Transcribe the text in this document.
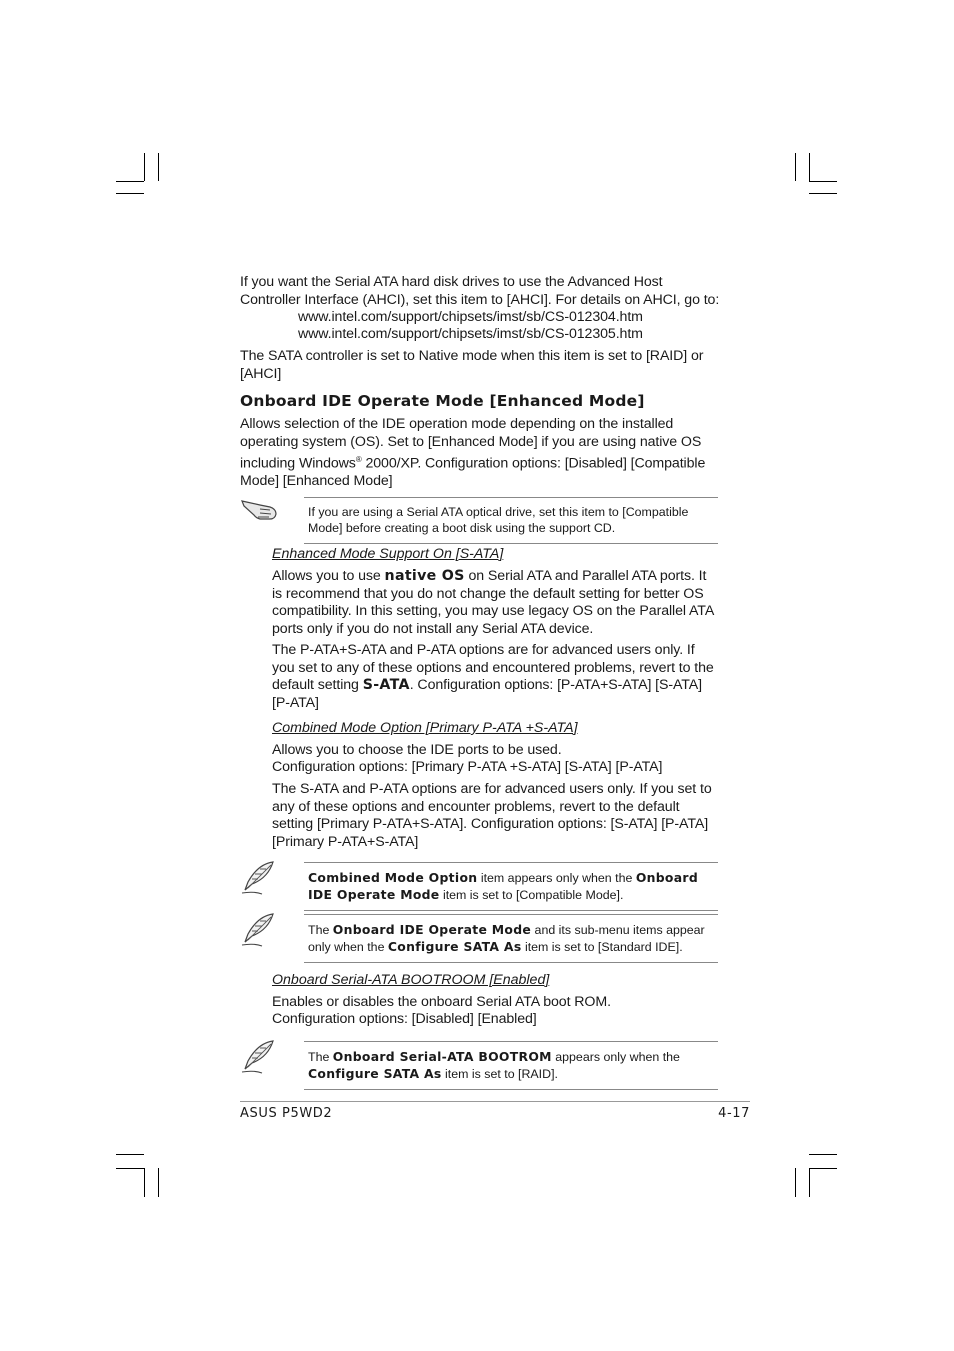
If you want the Serial ATA hard disk drives to use the Advanced Host Controller Interface (AHCI), set this item to [AHCI]. For details on AHCI, go to:

www.intel.com/support/chipsets/imst/sb/CS-012304.htm

www.intel.com/support/chipsets/imst/sb/CS-012305.htm

The SATA controller is set to Native mode when this item is set to [RAID] or [AHCI]

Onboard IDE Operate Mode [Enhanced Mode]

Allows selection of the IDE operation mode depending on the installed operating system (OS). Set to [Enhanced Mode] if you are using native OS including Windows® 2000/XP. Configuration options: [Disabled] [Compatible Mode] [Enhanced Mode]

If you are using a Serial ATA optical drive, set this item to [Compatible Mode] before creating a boot disk using the support CD.

Enhanced Mode Support On [S-ATA]

Allows you to use native OS on Serial ATA and Parallel ATA ports. It is recommend that you do not change the default setting for better OS compatibility. In this setting, you may use legacy OS on the Parallel ATA ports only if you do not install any Serial ATA device.

The P-ATA+S-ATA and P-ATA options are for advanced users only. If you set to any of these options and encountered problems, revert to the default setting S-ATA. Configuration options: [P-ATA+S-ATA] [S-ATA] [P-ATA]

Combined Mode Option [Primary P-ATA +S-ATA]

Allows you to choose the IDE ports to be used.

Configuration options: [Primary P-ATA +S-ATA] [S-ATA] [P-ATA]

The S-ATA and P-ATA options are for advanced users only. If you set to any of these options and encounter problems, revert to the default setting [Primary P-ATA+S-ATA]. Configuration options: [S-ATA] [P-ATA] [Primary P-ATA+S-ATA]

Combined Mode Option item appears only when the Onboard IDE Operate Mode item is set to [Compatible Mode].

The Onboard IDE Operate Mode and its sub-menu items appear only when the Configure SATA As item is set to [Standard IDE].

Onboard Serial-ATA BOOTROOM [Enabled]

Enables or disables the onboard Serial ATA boot ROM.

Configuration options: [Disabled] [Enabled]

The Onboard Serial-ATA BOOTROM appears only when the Configure SATA As item is set to [RAID].

ASUS P5WD2	4-17
